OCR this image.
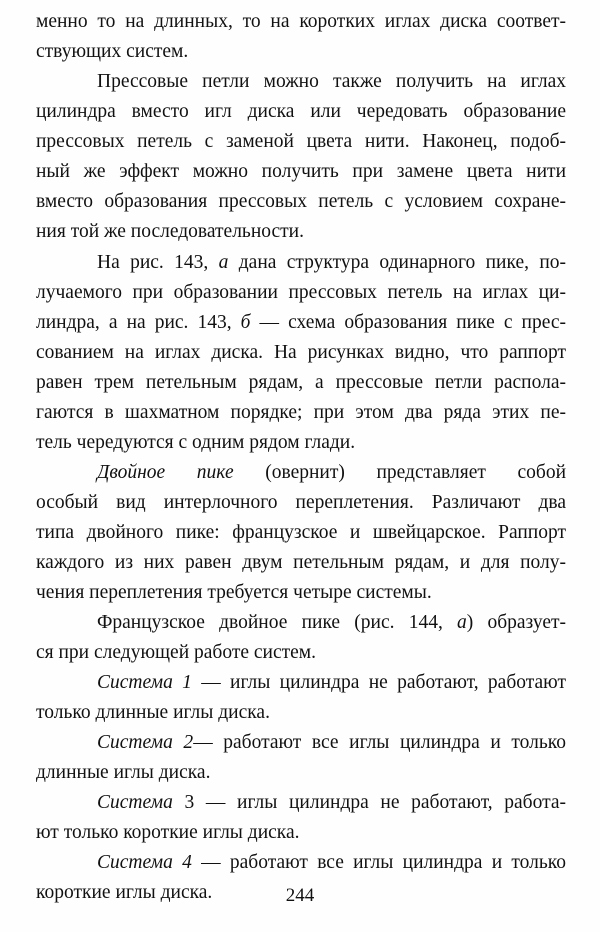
менно то на длинных, то на коротких иглах диска соответ-
ствующих систем.
Прессовые петли можно также получить на иглах
цилиндра вместо игл диска или чередовать образование
прессовых петель с заменой цвета нити. Наконец, подоб-
ный же эффект можно получить при замене цвета нити
вместо образования прессовых петель с условием сохране-
ния той же последовательности.
На рис. 143, а дана структура одинарного пике, по-
лучаемого при образовании прессовых петель на иглах ци-
линдра, а на рис. 143, б — схема образования пике с прес-
сованием на иглах диска. На рисунках видно, что раппорт
равен трем петельным рядам, а прессовые петли распола-
гаются в шахматном порядке; при этом два ряда этих пе-
тель чередуются с одним рядом глади.
Двойное пике (овернит) представляет собой
особый вид интерлочного переплетения. Различают два
типа двойного пике: французское и швейцарское. Раппорт
каждого из них равен двум петельным рядам, и для полу-
чения переплетения требуется четыре системы.
Французское двойное пике (рис. 144, а) образует-
ся при следующей работе систем.
Система 1 — иглы цилиндра не работают, работают
только длинные иглы диска.
Система 2— работают все иглы цилиндра и только
длинные иглы диска.
Система 3 — иглы цилиндра не работают, работа-
ют только короткие иглы диска.
Система 4 — работают все иглы цилиндра и только
короткие иглы диска.	244
